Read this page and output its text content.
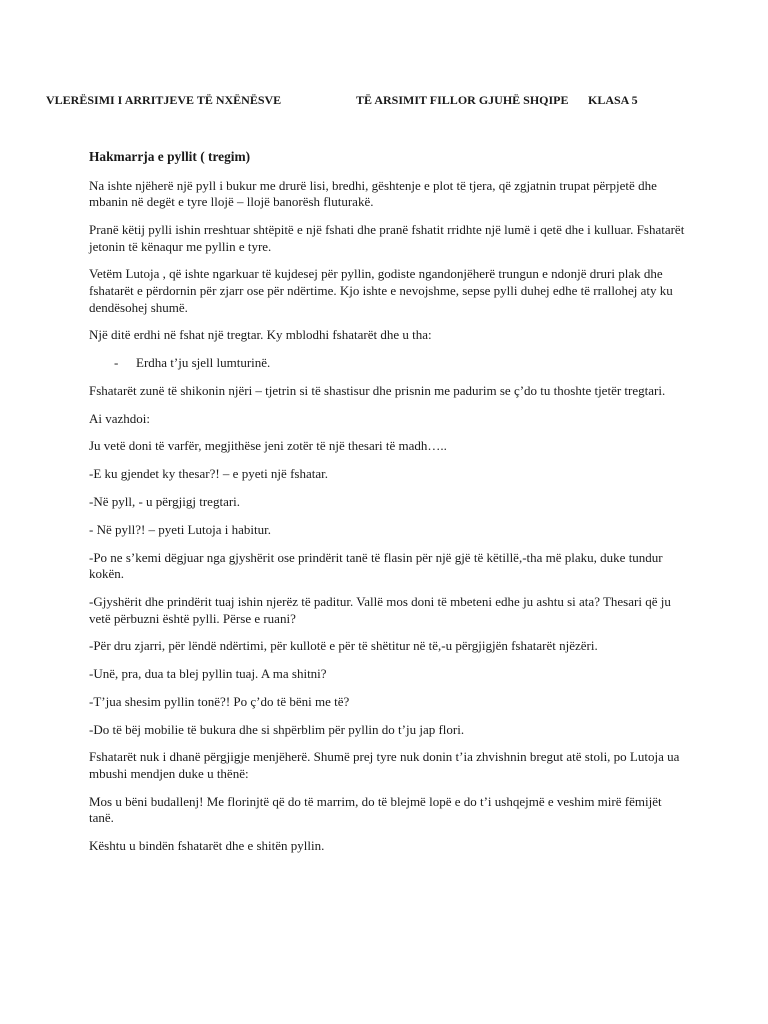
VLERËSIMI I ARRITJEVE TË NXËNËSVE	TË ARSIMIT FILLOR GJUHË SHQIPE KLASA 5
Hakmarrja e pyllit ( tregim)

Na ishte njëherë një pyll i bukur me drurë lisi, bredhi, gështenje e plot të tjera, që zgjatnin trupat përpjetë dhe mbanin në degët e tyre llojë – llojë banorësh fluturakë.

Pranë këtij pylli ishin rreshtuar shtëpitë e një fshati dhe pranë fshatit rridhte një lumë i qetë dhe i kulluar. Fshatarët jetonin të kënaqur me pyllin e tyre.

Vetëm Lutoja , që ishte ngarkuar të kujdesej për pyllin, godiste ngandonjëherë trungun e ndonjë druri plak dhe fshatarët e përdornin për zjarr ose për ndërtime. Kjo ishte e nevojshme, sepse pylli duhej edhe të rrallohej aty ku dendësohej shumë.

Një ditë erdhi në fshat një tregtar. Ky mblodhi fshatarët dhe u tha:

-	Erdha t’ju sjell lumturinë.

Fshatarët zunë të shikonin njëri – tjetrin si të shastisur dhe prisnin me padurim se ç’do tu thoshte tjetër tregtari.

Ai vazhdoi:

Ju vetë doni të varfër, megjithëse jeni zotër të një thesari të madh…..

-E ku gjendet ky thesar?! – e pyeti një fshatar.

-Në pyll, - u përgjigj tregtari.

- Në pyll?! – pyeti Lutoja i habitur.

-Po ne s’kemi dëgjuar nga gjyshërit ose prindërit tanë të flasin për një gjë të këtillë,-tha më plaku, duke tundur kokën.

-Gjyshërit dhe prindërit tuaj ishin njerëz të paditur. Vallë mos doni të mbeteni edhe ju ashtu si ata? Thesari që ju vetë përbuzni është pylli. Përse e ruani?

-Për dru zjarri, për lëndë ndërtimi, për kullotë e për të shëtitur në të,-u përgjigjën fshatarët njëzëri.

-Unë, pra, dua ta blej pyllin tuaj. A ma shitni?

-T’jua shesim pyllin tonë?! Po ç’do të bëni me të?

-Do të bëj mobilie të bukura dhe si shpërblim për pyllin do t’ju jap flori.

Fshatarët nuk i dhanë përgjigje menjëherë. Shumë prej tyre nuk donin t’ia zhvishnin bregut atë stoli, po Lutoja ua mbushi mendjen duke u thënë:

Mos u bëni budallenj! Me florinjtë që do të marrim, do të blejmë lopë e do t’i ushqejmë e veshim mirë fëmijët tanë.

Kështu u bindën fshatarët dhe e shitën pyllin.
